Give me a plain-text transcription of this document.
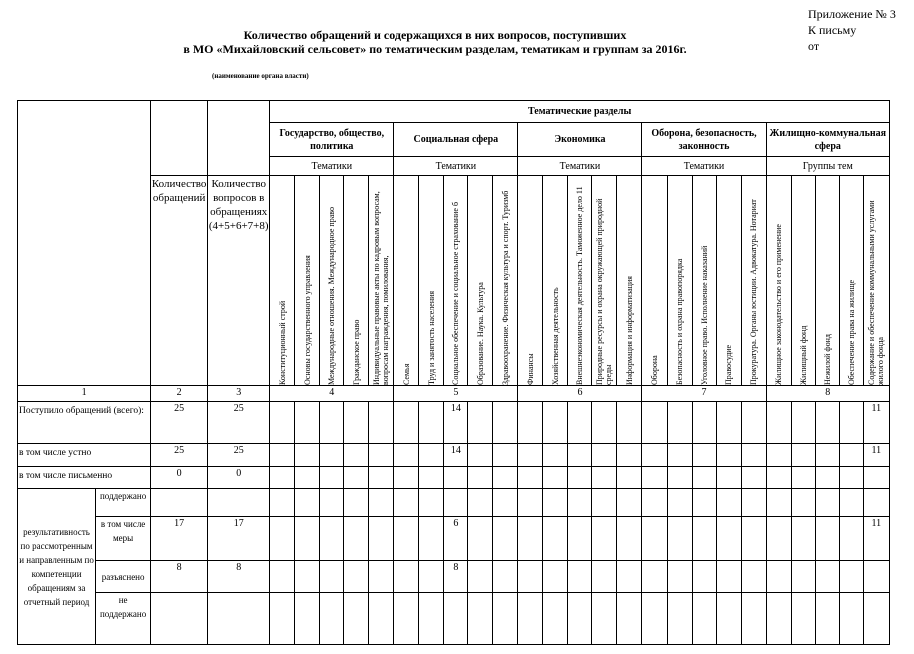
Количество обращений и содержащихся в них вопросов, поступивших
в МО «Михайловский сельсовет» по тематическим разделам, тематикам и группам за 2016г.
Приложение № 3
К письму
от
(наименование органа власти)
				Тематические разделы																								
				Государство, общество, политика					Социальная сфера					Экономика					Оборона, безопасность, законность					Жилищно-коммунальная сфера				
				Тематики					Тематики					Тематики					Тематики					Группы тем				

		Количество обращений	Количество вопросов в обращениях (4+5+6+7+8)	Конституционный строй	Основы государственного управления	Международные отношения. Международное право	Гражданское право	Индивидуальные правовые акты по кадровым вопросам, вопросам награждения, помилования,	Семья	Труд и занятость населения	Социальное обеспечение и социальное страхование б	Образование. Наука. Культура	Здравоохранение. Физическая культура и спорт. Туризмб	Финансы	Хозяйственная деятельность	Внешнеэкономическая деятельность. Таможенное дело 11	Природные ресурсы и охрана окружающей природной среды	Информация и информатизация	Оборона	Безопасность и охрана правопорядка	Уголовное право. Исполнение наказаний	Правосудие	Прокуратура. Органы юстиции. Адвокатура. Нотариат	Жилищное законодательство и его применение	Жилищный фонд	Нежилой фонд	Обеспечение права на жилище	Содержание и обеспечение коммунальными услугами жилого фонда

1		2	3	4					5					6					7					8				
Поступило обращений (всего):		25	25								14																	11
в том числе устно		25	25								14																	11
в том числе письменно		0	0																									
результативность по рассмотренным и направленным по компетенции обращениям за отчетный период	поддержано																											
	в том числе меры	17	17								6																	11
	разъяснено	8	8								8																	
	не поддержано																											
